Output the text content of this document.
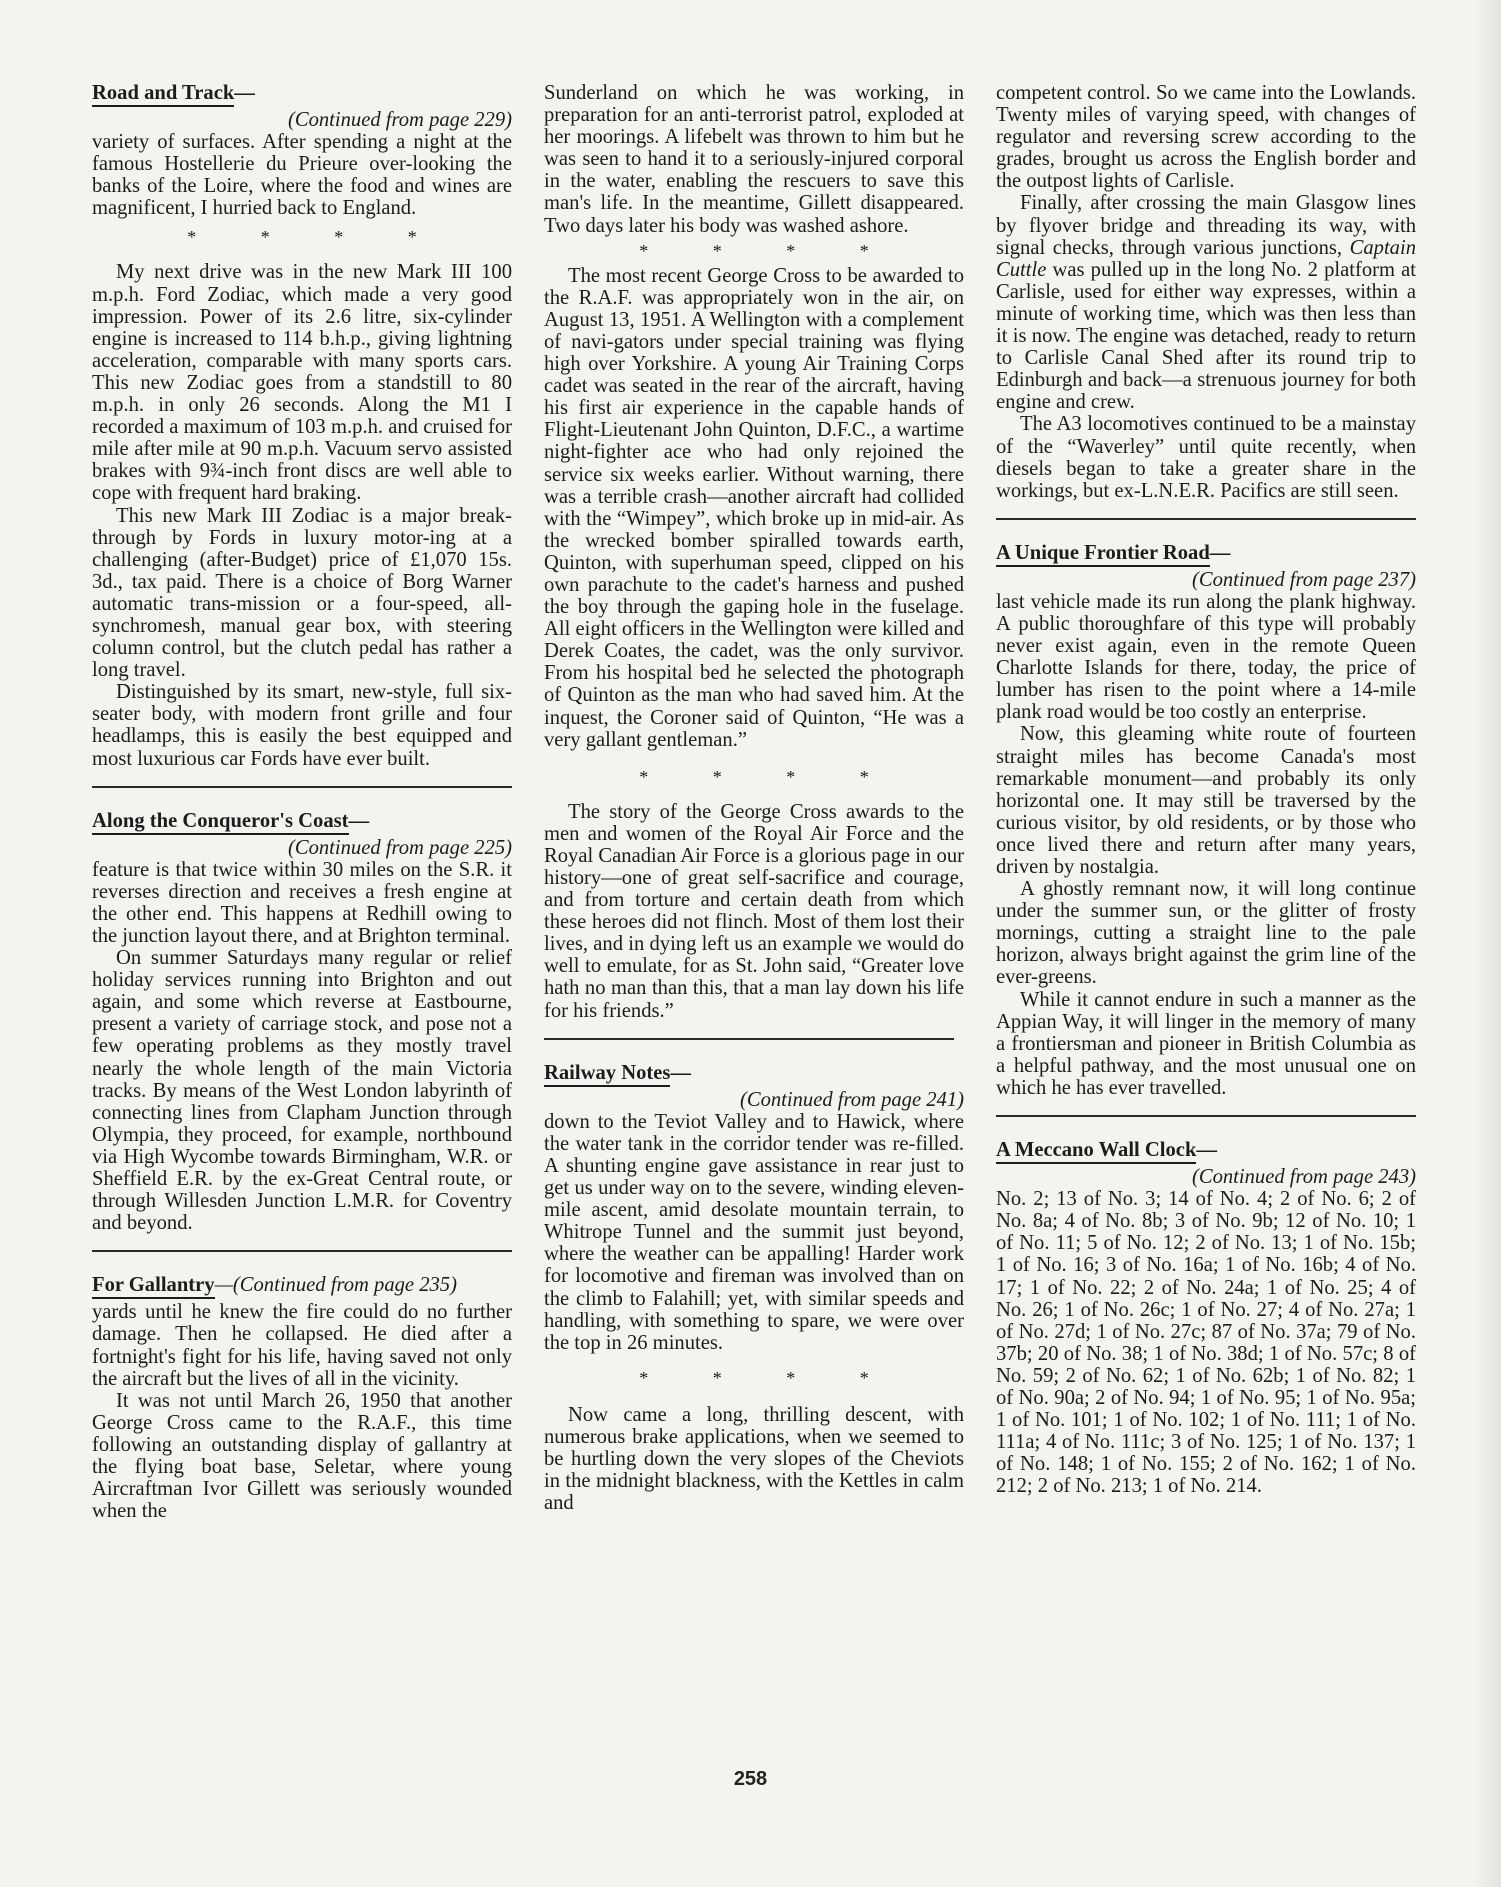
Road and Track—

(Continued from page 229)

variety of surfaces. After spending a night at the famous Hostellerie du Prieure over-looking the banks of the Loire, where the food and wines are magnificent, I hurried back to England.

* * * *

My next drive was in the new Mark III 100 m.p.h. Ford Zodiac, which made a very good impression. Power of its 2.6 litre, six-cylinder engine is increased to 114 b.h.p., giving lightning acceleration, comparable with many sports cars. This new Zodiac goes from a standstill to 80 m.p.h. in only 26 seconds. Along the M1 I recorded a maximum of 103 m.p.h. and cruised for mile after mile at 90 m.p.h. Vacuum servo assisted brakes with 9¾-inch front discs are well able to cope with frequent hard braking.

This new Mark III Zodiac is a major break-through by Fords in luxury motor-ing at a challenging (after-Budget) price of £1,070 15s. 3d., tax paid. There is a choice of Borg Warner automatic trans-mission or a four-speed, all-synchromesh, manual gear box, with steering column control, but the clutch pedal has rather a long travel.

Distinguished by its smart, new-style, full six-seater body, with modern front grille and four headlamps, this is easily the best equipped and most luxurious car Fords have ever built.

Along the Conqueror's Coast—

(Continued from page 225)

feature is that twice within 30 miles on the S.R. it reverses direction and receives a fresh engine at the other end. This happens at Redhill owing to the junction layout there, and at Brighton terminal.

On summer Saturdays many regular or relief holiday services running into Brighton and out again, and some which reverse at Eastbourne, present a variety of carriage stock, and pose not a few operating problems as they mostly travel nearly the whole length of the main Victoria tracks. By means of the West London labyrinth of connecting lines from Clapham Junction through Olympia, they proceed, for example, northbound via High Wycombe towards Birmingham, W.R. or Sheffield E.R. by the ex-Great Central route, or through Willesden Junction L.M.R. for Coventry and beyond.

For Gallantry—(Continued from page 235)

yards until he knew the fire could do no further damage. Then he collapsed. He died after a fortnight's fight for his life, having saved not only the aircraft but the lives of all in the vicinity.

It was not until March 26, 1950 that another George Cross came to the R.A.F., this time following an outstanding display of gallantry at the flying boat base, Seletar, where young Aircraftman Ivor Gillett was seriously wounded when the

Sunderland on which he was working, in preparation for an anti-terrorist patrol, exploded at her moorings. A lifebelt was thrown to him but he was seen to hand it to a seriously-injured corporal in the water, enabling the rescuers to save this man's life. In the meantime, Gillett disappeared. Two days later his body was washed ashore.

* * * *

The most recent George Cross to be awarded to the R.A.F. was appropriately won in the air, on August 13, 1951. A Wellington with a complement of navi-gators under special training was flying high over Yorkshire. A young Air Training Corps cadet was seated in the rear of the aircraft, having his first air experience in the capable hands of Flight-Lieutenant John Quinton, D.F.C., a wartime night-fighter ace who had only rejoined the service six weeks earlier. Without warning, there was a terrible crash—another aircraft had collided with the “Wimpey”, which broke up in mid-air. As the wrecked bomber spiralled towards earth, Quinton, with superhuman speed, clipped on his own parachute to the cadet's harness and pushed the boy through the gaping hole in the fuselage. All eight officers in the Wellington were killed and Derek Coates, the cadet, was the only survivor. From his hospital bed he selected the photograph of Quinton as the man who had saved him. At the inquest, the Coroner said of Quinton, “He was a very gallant gentleman.”

* * * *

The story of the George Cross awards to the men and women of the Royal Air Force and the Royal Canadian Air Force is a glorious page in our history—one of great self-sacrifice and courage, and from torture and certain death from which these heroes did not flinch. Most of them lost their lives, and in dying left us an example we would do well to emulate, for as St. John said, “Greater love hath no man than this, that a man lay down his life for his friends.”

Railway Notes—

(Continued from page 241)

down to the Teviot Valley and to Hawick, where the water tank in the corridor tender was re-filled. A shunting engine gave assistance in rear just to get us under way on to the severe, winding eleven-mile ascent, amid desolate mountain terrain, to Whitrope Tunnel and the summit just beyond, where the weather can be appalling! Harder work for locomotive and fireman was involved than on the climb to Falahill; yet, with similar speeds and handling, with something to spare, we were over the top in 26 minutes.

* * * *

Now came a long, thrilling descent, with numerous brake applications, when we seemed to be hurtling down the very slopes of the Cheviots in the midnight blackness, with the Kettles in calm and

competent control. So we came into the Lowlands. Twenty miles of varying speed, with changes of regulator and reversing screw according to the grades, brought us across the English border and the outpost lights of Carlisle.

Finally, after crossing the main Glasgow lines by flyover bridge and threading its way, with signal checks, through various junctions, Captain Cuttle was pulled up in the long No. 2 platform at Carlisle, used for either way expresses, within a minute of working time, which was then less than it is now. The engine was detached, ready to return to Carlisle Canal Shed after its round trip to Edinburgh and back—a strenuous journey for both engine and crew.

The A3 locomotives continued to be a mainstay of the “Waverley” until quite recently, when diesels began to take a greater share in the workings, but ex-L.N.E.R. Pacifics are still seen.

A Unique Frontier Road—

(Continued from page 237)

last vehicle made its run along the plank highway. A public thoroughfare of this type will probably never exist again, even in the remote Queen Charlotte Islands for there, today, the price of lumber has risen to the point where a 14-mile plank road would be too costly an enterprise.

Now, this gleaming white route of fourteen straight miles has become Canada's most remarkable monument—and probably its only horizontal one. It may still be traversed by the curious visitor, by old residents, or by those who once lived there and return after many years, driven by nostalgia.

A ghostly remnant now, it will long continue under the summer sun, or the glitter of frosty mornings, cutting a straight line to the pale horizon, always bright against the grim line of the ever-greens.

While it cannot endure in such a manner as the Appian Way, it will linger in the memory of many a frontiersman and pioneer in British Columbia as a helpful pathway, and the most unusual one on which he has ever travelled.

A Meccano Wall Clock—

(Continued from page 243)

No. 2; 13 of No. 3; 14 of No. 4; 2 of No. 6; 2 of No. 8a; 4 of No. 8b; 3 of No. 9b; 12 of No. 10; 1 of No. 11; 5 of No. 12; 2 of No. 13; 1 of No. 15b; 1 of No. 16; 3 of No. 16a; 1 of No. 16b; 4 of No. 17; 1 of No. 22; 2 of No. 24a; 1 of No. 25; 4 of No. 26; 1 of No. 26c; 1 of No. 27; 4 of No. 27a; 1 of No. 27d; 1 of No. 27c; 87 of No. 37a; 79 of No. 37b; 20 of No. 38; 1 of No. 38d; 1 of No. 57c; 8 of No. 59; 2 of No. 62; 1 of No. 62b; 1 of No. 82; 1 of No. 90a; 2 of No. 94; 1 of No. 95; 1 of No. 95a; 1 of No. 101; 1 of No. 102; 1 of No. 111; 1 of No. 111a; 4 of No. 111c; 3 of No. 125; 1 of No. 137; 1 of No. 148; 1 of No. 155; 2 of No. 162; 1 of No. 212; 2 of No. 213; 1 of No. 214.

258
